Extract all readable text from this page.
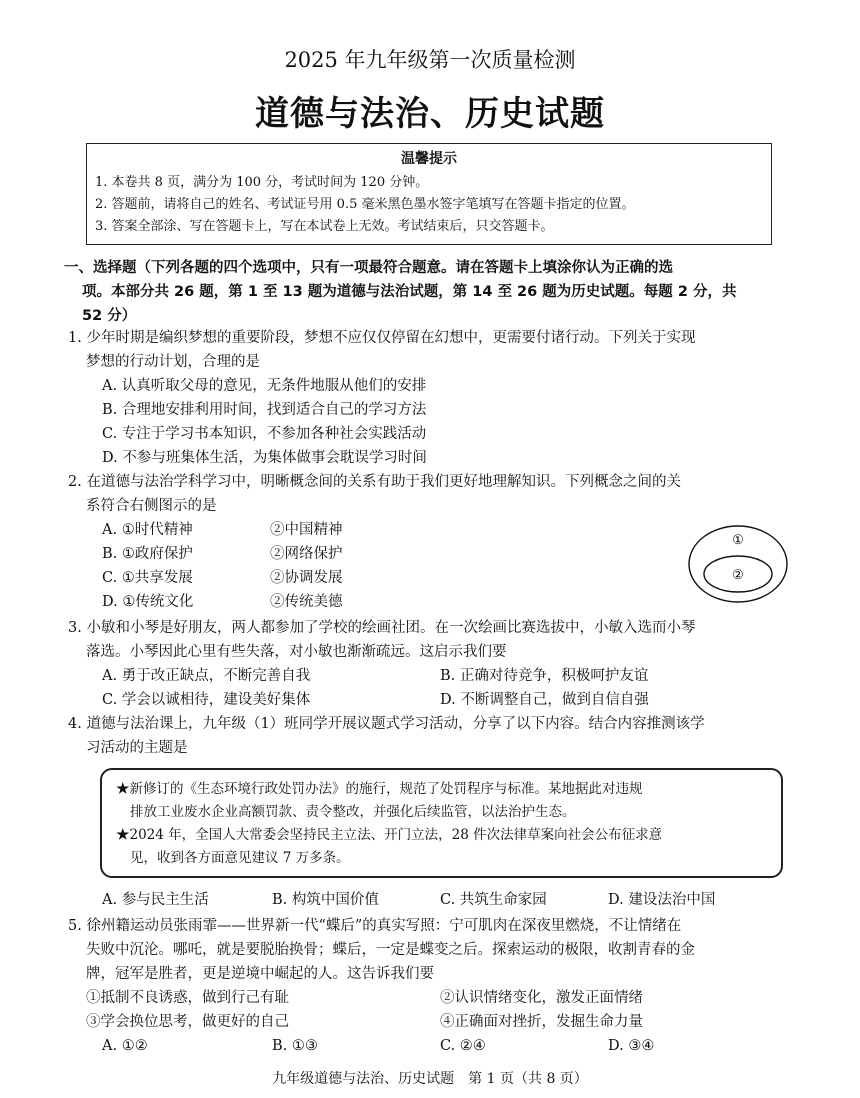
2025 年九年级第一次质量检测
道德与法治、历史试题
温馨提示
1. 本卷共 8 页，满分为 100 分，考试时间为 120 分钟。
2. 答题前，请将自己的姓名、考试证号用 0.5 毫米黑色墨水签字笔填写在答题卡指定的位置。
3. 答案全部涂、写在答题卡上，写在本试卷上无效。考试结束后，只交答题卡。
一、选择题（下列各题的四个选项中，只有一项最符合题意。请在答题卡上填涂你认为正确的选
项。本部分共 26 题，第 1 至 13 题为道德与法治试题，第 14 至 26 题为历史试题。每题 2 分，共
52 分）
1. 少年时期是编织梦想的重要阶段，梦想不应仅仅停留在幻想中，更需要付诸行动。下列关于实现
梦想的行动计划，合理的是
A. 认真听取父母的意见，无条件地服从他们的安排
B. 合理地安排利用时间，找到适合自己的学习方法
C. 专注于学习书本知识，不参加各种社会实践活动
D. 不参与班集体生活，为集体做事会耽误学习时间
2. 在道德与法治学科学习中，明晰概念间的关系有助于我们更好地理解知识。下列概念之间的关
系符合右侧图示的是
A. ①时代精神	②中国精神
B. ①政府保护	②网络保护
C. ①共享发展	②协调发展
D. ①传统文化	②传统美德
①
②
3. 小敏和小琴是好朋友，两人都参加了学校的绘画社团。在一次绘画比赛选拔中，小敏入选而小琴
落选。小琴因此心里有些失落，对小敏也渐渐疏远。这启示我们要
A. 勇于改正缺点，不断完善自我	B. 正确对待竞争，积极呵护友谊
C. 学会以诚相待，建设美好集体	D. 不断调整自己，做到自信自强
4. 道德与法治课上，九年级（1）班同学开展议题式学习活动，分享了以下内容。结合内容推测该学
习活动的主题是
★新修订的《生态环境行政处罚办法》的施行，规范了处罚程序与标准。某地据此对违规
排放工业废水企业高额罚款、责令整改，并强化后续监管，以法治护生态。
★2024 年，全国人大常委会坚持民主立法、开门立法，28 件次法律草案向社会公布征求意
见，收到各方面意见建议 7 万多条。
A. 参与民主生活	B. 构筑中国价值	C. 共筑生命家园	D. 建设法治中国
5. 徐州籍运动员张雨霏——世界新一代“蝶后”的真实写照：宁可肌肉在深夜里燃烧，不让情绪在
失败中沉沦。哪吒，就是要脱胎换骨；蝶后，一定是蝶变之后。探索运动的极限，收割青春的金
牌，冠军是胜者，更是逆境中崛起的人。这告诉我们要
①抵制不良诱惑，做到行己有耻	②认识情绪变化，激发正面情绪
③学会换位思考，做更好的自己	④正确面对挫折，发掘生命力量
A. ①②	B. ①③	C. ②④	D. ③④
九年级道德与法治、历史试题　第 1 页（共 8 页）
